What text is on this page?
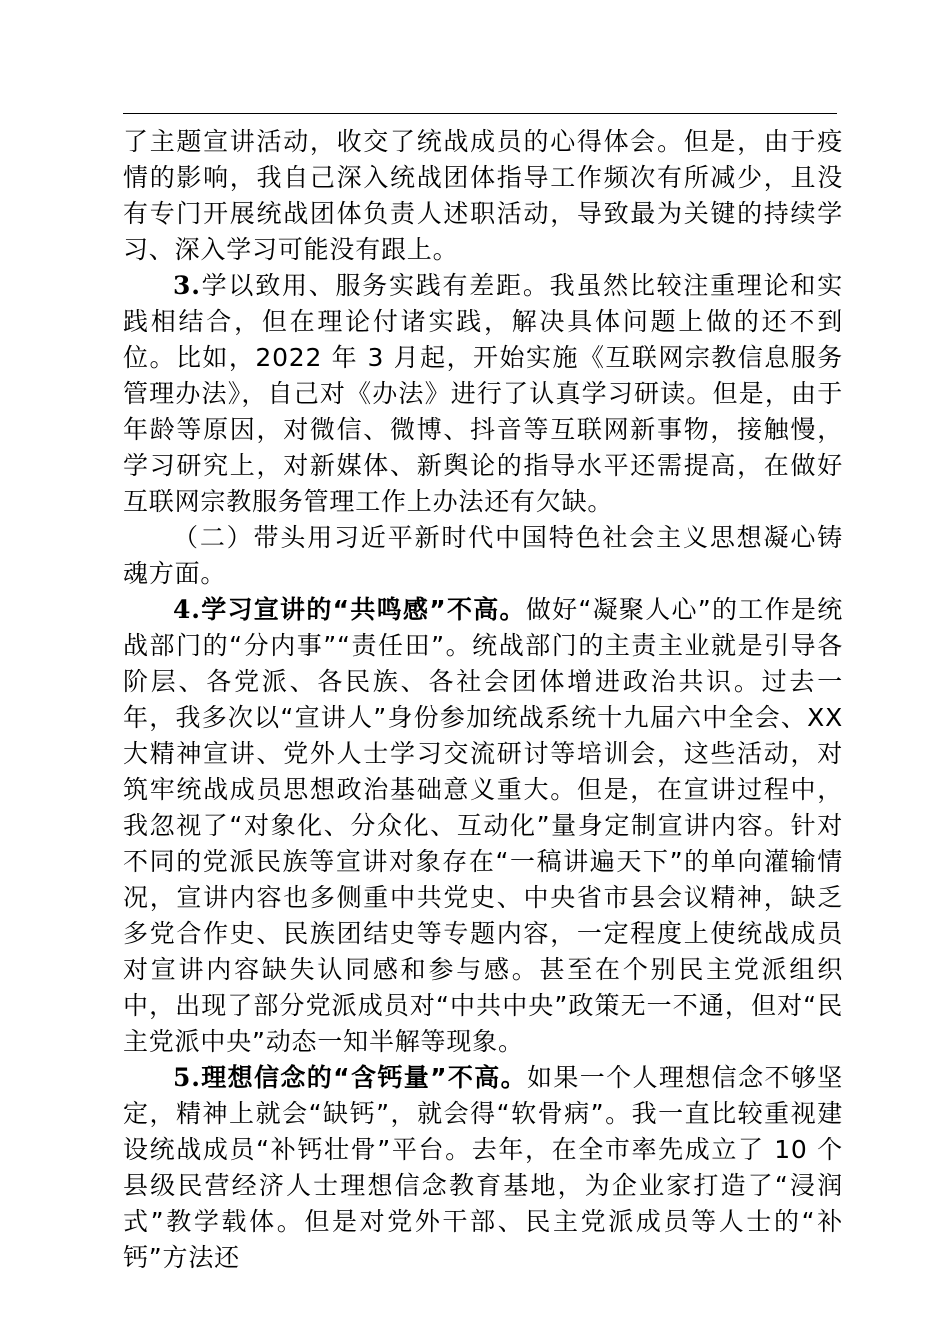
了主题宣讲活动，收交了统战成员的心得体会。但是，由于疫情的影响，我自己深入统战团体指导工作频次有所减少，且没有专门开展统战团体负责人述职活动，导致最为关键的持续学习、深入学习可能没有跟上。

3.学以致用、服务实践有差距。我虽然比较注重理论和实践相结合，但在理论付诸实践，解决具体问题上做的还不到位。比如，2022 年 3 月起，开始实施《互联网宗教信息服务管理办法》，自己对《办法》进行了认真学习研读。但是，由于年龄等原因，对微信、微博、抖音等互联网新事物，接触慢，学习研究上，对新媒体、新舆论的指导水平还需提高，在做好互联网宗教服务管理工作上办法还有欠缺。

（二）带头用习近平新时代中国特色社会主义思想凝心铸魂方面。

4.学习宣讲的“共鸣感”不高。做好“凝聚人心”的工作是统战部门的“分内事”“责任田”。统战部门的主责主业就是引导各阶层、各党派、各民族、各社会团体增进政治共识。过去一年，我多次以“宣讲人”身份参加统战系统十九届六中全会、XX 大精神宣讲、党外人士学习交流研讨等培训会，这些活动，对筑牢统战成员思想政治基础意义重大。但是，在宣讲过程中，我忽视了“对象化、分众化、互动化”量身定制宣讲内容。针对不同的党派民族等宣讲对象存在“一稿讲遍天下”的单向灌输情况，宣讲内容也多侧重中共党史、中央省市县会议精神，缺乏多党合作史、民族团结史等专题内容，一定程度上使统战成员对宣讲内容缺失认同感和参与感。甚至在个别民主党派组织中，出现了部分党派成员对“中共中央”政策无一不通，但对“民主党派中央”动态一知半解等现象。

5.理想信念的“含钙量”不高。如果一个人理想信念不够坚定，精神上就会“缺钙”，就会得“软骨病”。我一直比较重视建设统战成员“补钙壮骨”平台。去年，在全市率先成立了 10 个县级民营经济人士理想信念教育基地，为企业家打造了“浸润式”教学载体。但是对党外干部、民主党派成员等人士的“补钙”方法还
